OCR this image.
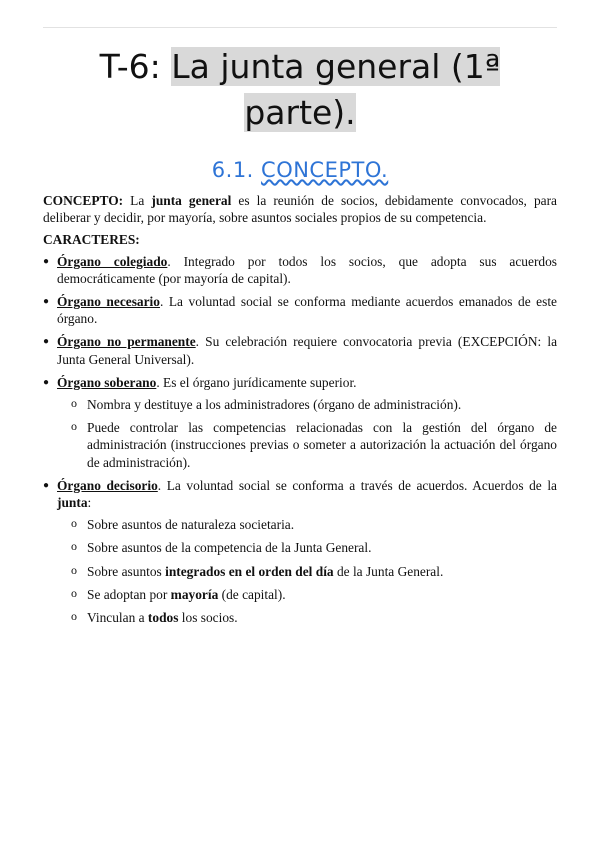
T-6: La junta general (1ª
parte).
6.1. CONCEPTO.

CONCEPTO: La junta general es la reunión de socios, debidamente convocados, para deliberar y decidir, por mayoría, sobre asuntos sociales propios de su competencia.

CARACTERES:

● Órgano colegiado. Integrado por todos los socios, que adopta sus acuerdos democráticamente (por mayoría de capital).
● Órgano necesario. La voluntad social se conforma mediante acuerdos emanados de este órgano.
● Órgano no permanente. Su celebración requiere convocatoria previa (EXCEPCIÓN: la Junta General Universal).
● Órgano soberano. Es el órgano jurídicamente superior.
o Nombra y destituye a los administradores (órgano de administración).
o Puede controlar las competencias relacionadas con la gestión del órgano de administración (instrucciones previas o someter a autorización la actuación del órgano de administración).
● Órgano decisorio. La voluntad social se conforma a través de acuerdos. Acuerdos de la junta:
o Sobre asuntos de naturaleza societaria.
o Sobre asuntos de la competencia de la Junta General.
o Sobre asuntos integrados en el orden del día de la Junta General.
o Se adoptan por mayoría (de capital).
o Vinculan a todos los socios.
